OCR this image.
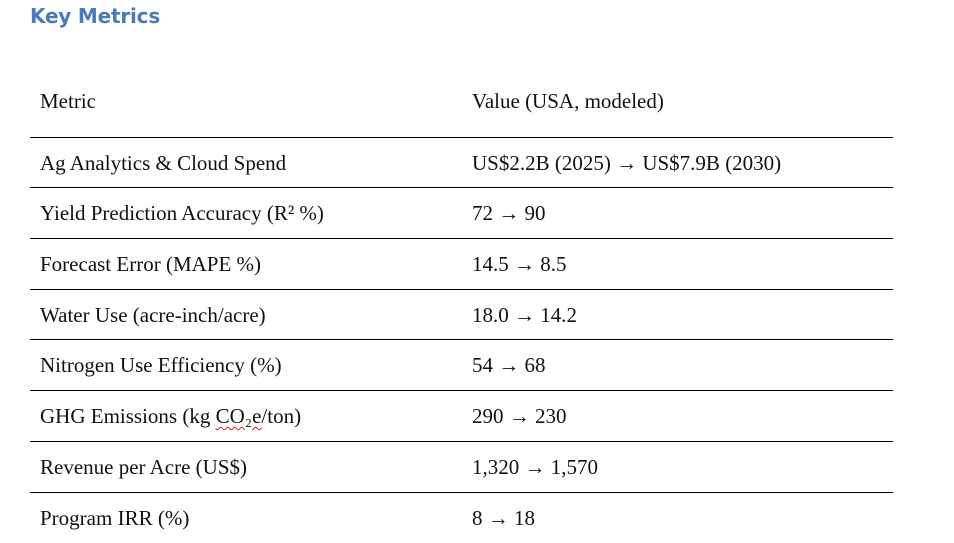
Key Metrics
Metric	Value (USA, modeled)
Ag Analytics & Cloud Spend	US$2.2B (2025) → US$7.9B (2030)
Yield Prediction Accuracy (R² %)	72 → 90
Forecast Error (MAPE %)	14.5 → 8.5
Water Use (acre-inch/acre)	18.0 → 14.2
Nitrogen Use Efficiency (%)	54 → 68
GHG Emissions (kg CO₂e/ton)	290 → 230
Revenue per Acre (US$)	1,320 → 1,570
Program IRR (%)	8 → 18
